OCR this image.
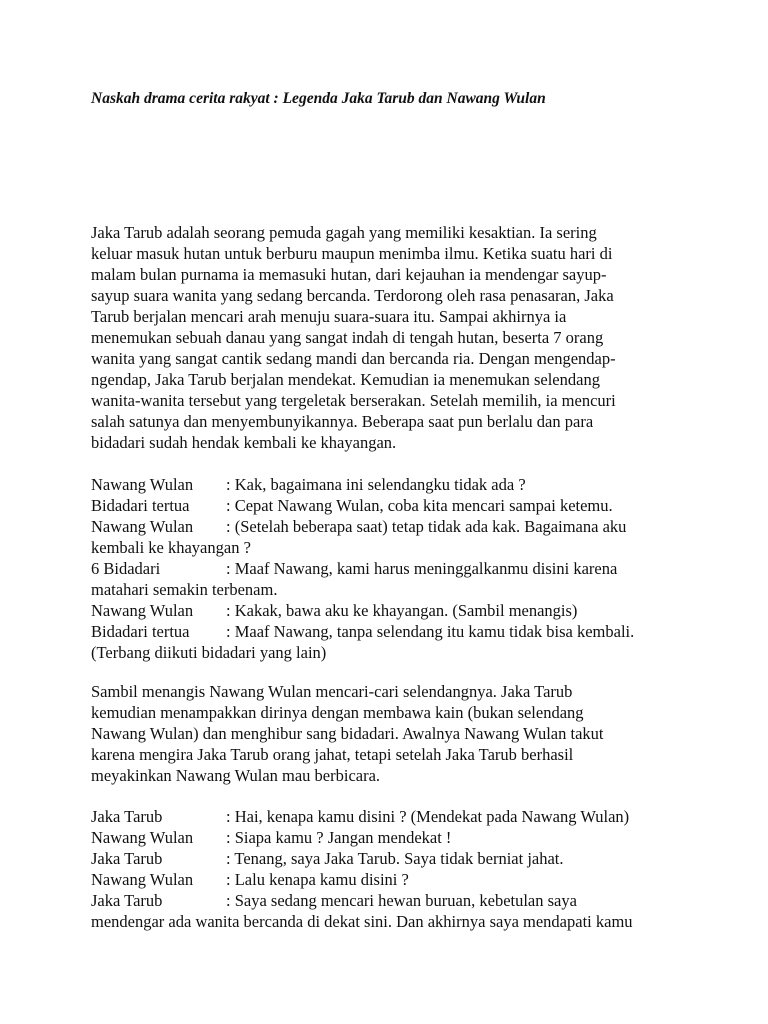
Naskah drama cerita rakyat : Legenda Jaka Tarub dan Nawang Wulan
Jaka Tarub adalah seorang pemuda gagah yang memiliki kesaktian. Ia sering
keluar masuk hutan untuk berburu maupun menimba ilmu. Ketika suatu hari di
malam bulan purnama ia memasuki hutan, dari kejauhan ia mendengar sayup-
sayup suara wanita yang sedang bercanda. Terdorong oleh rasa penasaran, Jaka
Tarub berjalan mencari arah menuju suara-suara itu. Sampai akhirnya ia
menemukan sebuah danau yang sangat indah di tengah hutan, beserta 7 orang
wanita yang sangat cantik sedang mandi dan bercanda ria. Dengan mengendap-
ngendap, Jaka Tarub berjalan mendekat. Kemudian ia menemukan selendang
wanita-wanita tersebut yang tergeletak berserakan. Setelah memilih, ia mencuri
salah satunya dan menyembunyikannya. Beberapa saat pun berlalu dan para
bidadari sudah hendak kembali ke khayangan.
Nawang Wulan : Kak, bagaimana ini selendangku tidak ada ?
Bidadari tertua : Cepat Nawang Wulan, coba kita mencari sampai ketemu.
Nawang Wulan : (Setelah beberapa saat) tetap tidak ada kak. Bagaimana aku
kembali ke khayangan ?
6 Bidadari	: Maaf Nawang, kami harus meninggalkanmu disini karena
matahari semakin terbenam.
Nawang Wulan : Kakak, bawa aku ke khayangan. (Sambil menangis)
Bidadari tertua : Maaf Nawang, tanpa selendang itu kamu tidak bisa kembali.
(Terbang diikuti bidadari yang lain)
Sambil menangis Nawang Wulan mencari-cari selendangnya. Jaka Tarub
kemudian menampakkan dirinya dengan membawa kain (bukan selendang
Nawang Wulan) dan menghibur sang bidadari. Awalnya Nawang Wulan takut
karena mengira Jaka Tarub orang jahat, tetapi setelah Jaka Tarub berhasil
meyakinkan Nawang Wulan mau berbicara.
Jaka Tarub	: Hai, kenapa kamu disini ? (Mendekat pada Nawang Wulan)
Nawang Wulan : Siapa kamu ? Jangan mendekat !
Jaka Tarub	: Tenang, saya Jaka Tarub. Saya tidak berniat jahat.
Nawang Wulan : Lalu kenapa kamu disini ?
Jaka Tarub	: Saya sedang mencari hewan buruan, kebetulan saya
mendengar ada wanita bercanda di dekat sini. Dan akhirnya saya mendapati kamu
